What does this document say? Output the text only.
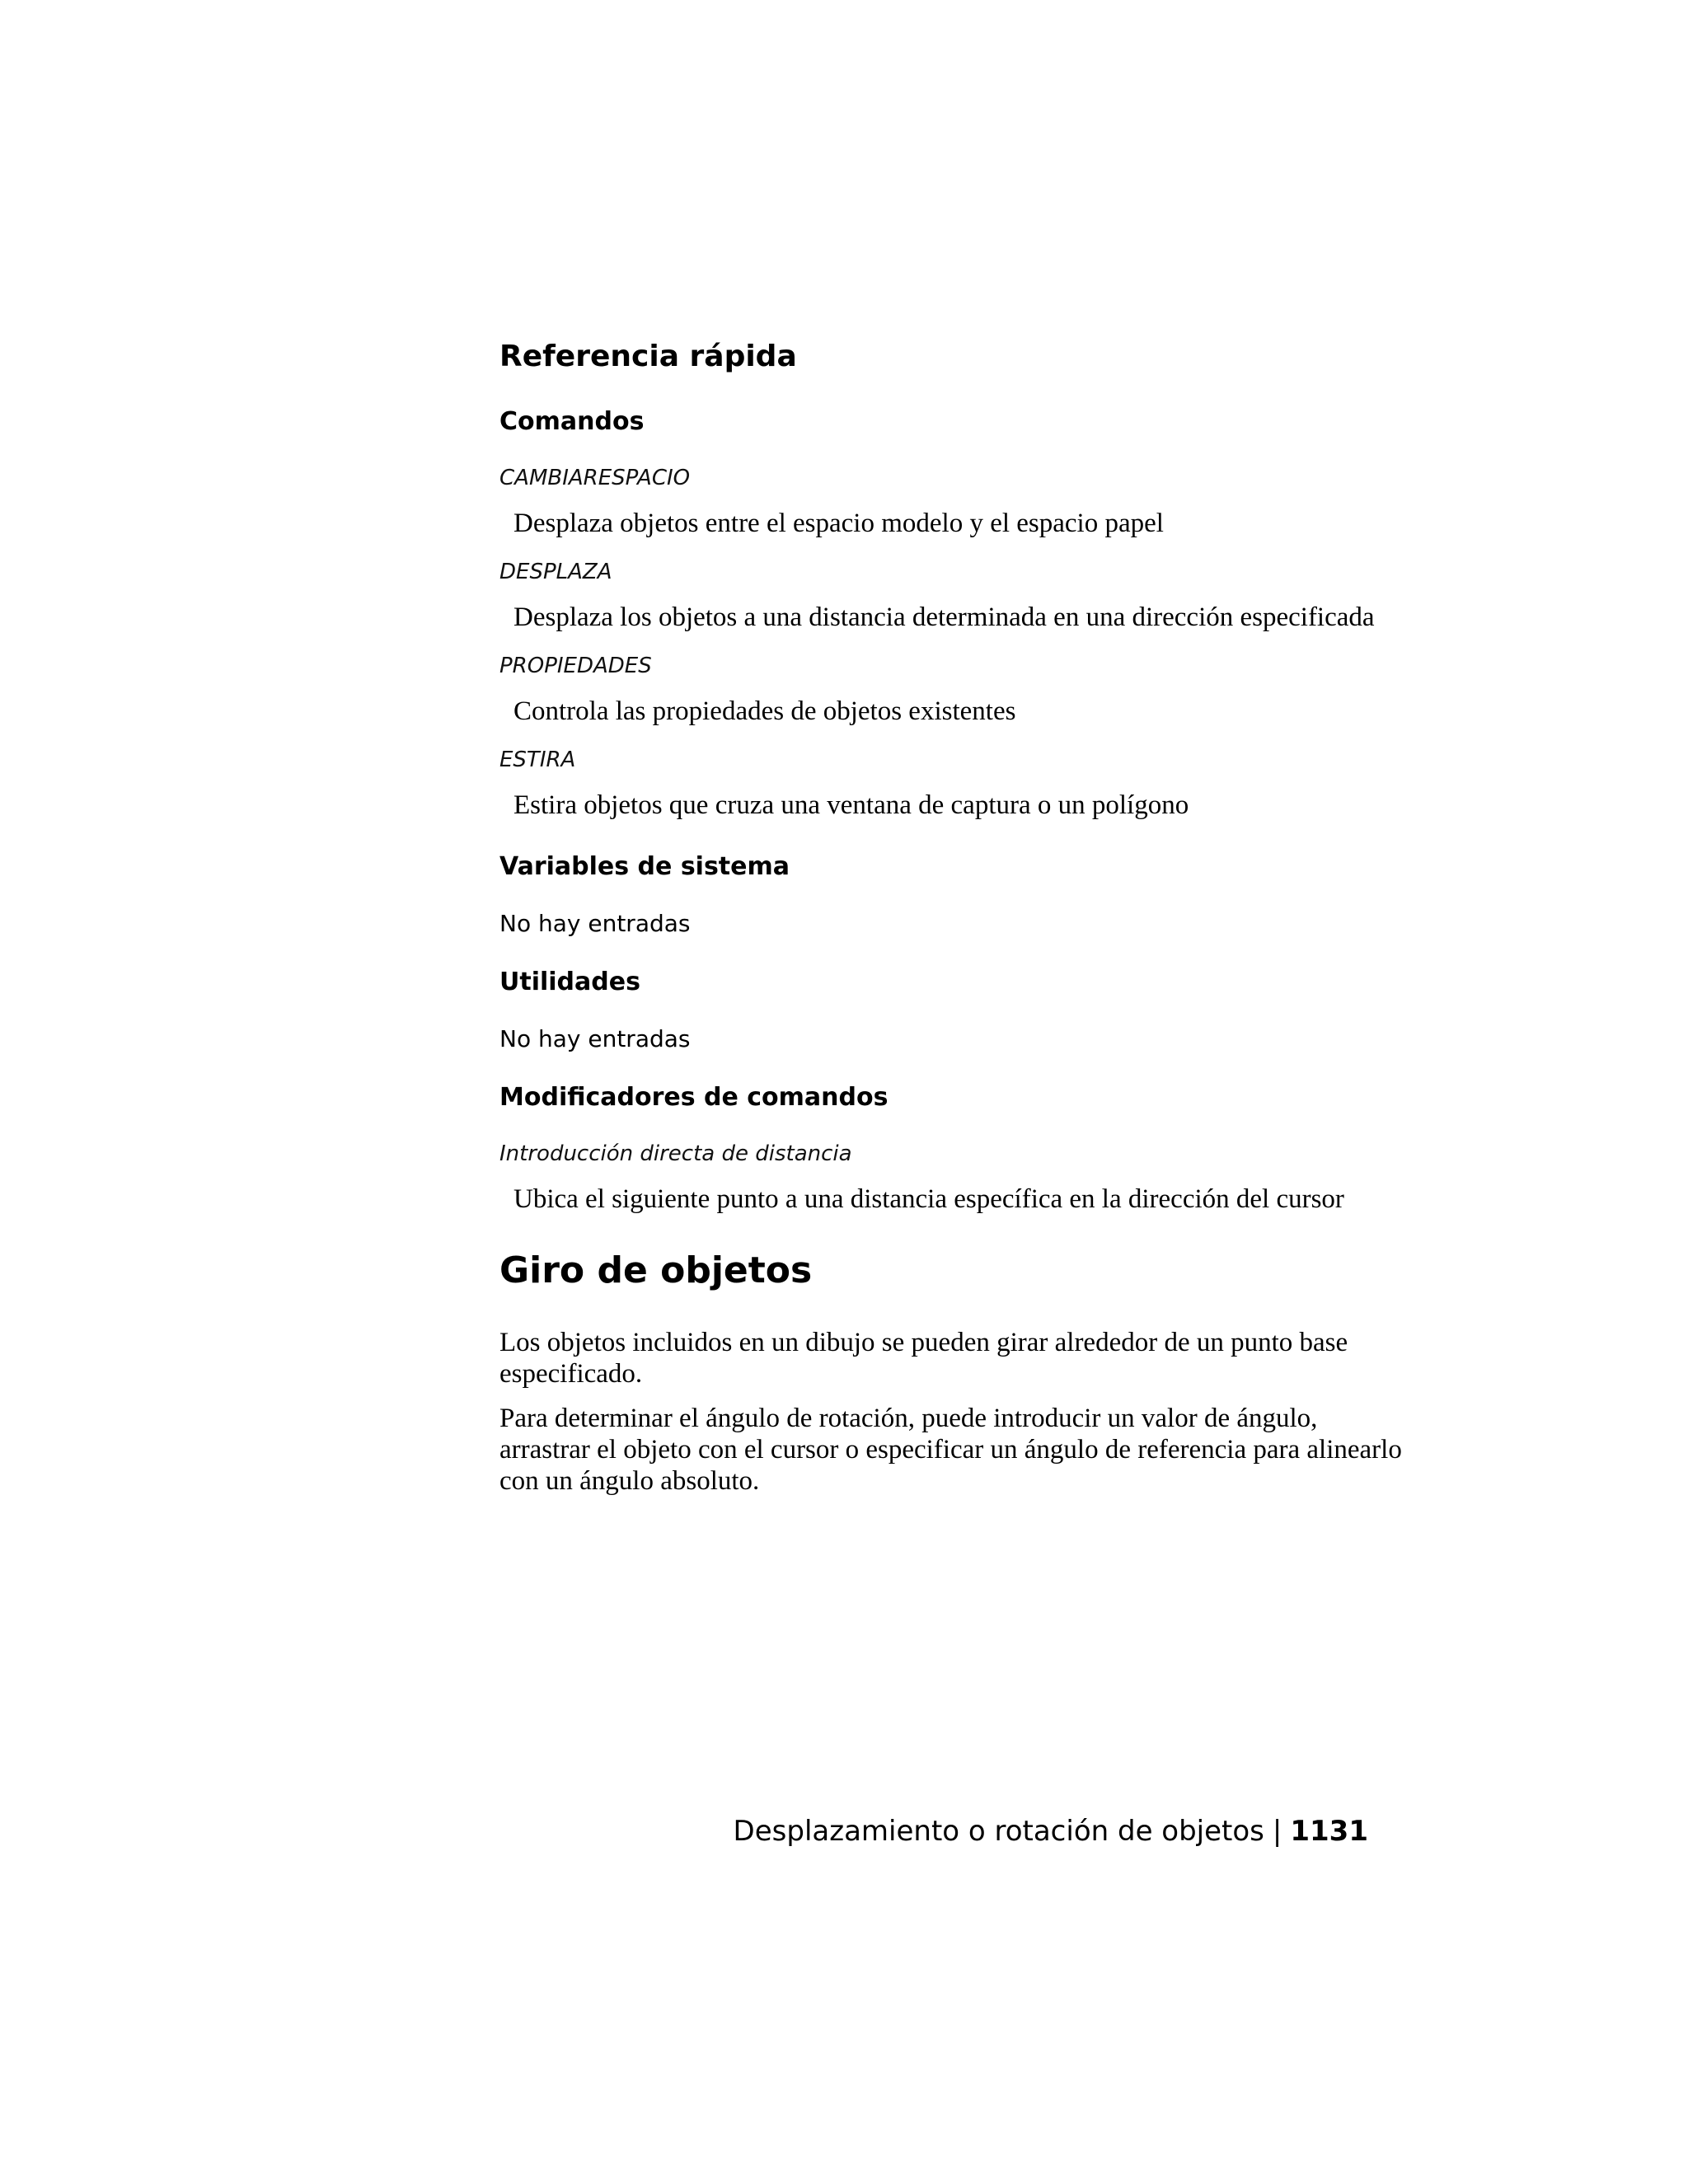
Referencia rápida
Comandos
CAMBIARESPACIO
Desplaza objetos entre el espacio modelo y el espacio papel
DESPLAZA
Desplaza los objetos a una distancia determinada en una dirección especificada
PROPIEDADES
Controla las propiedades de objetos existentes
ESTIRA
Estira objetos que cruza una ventana de captura o un polígono
Variables de sistema
No hay entradas
Utilidades
No hay entradas
Modificadores de comandos
Introducción directa de distancia
Ubica el siguiente punto a una distancia específica en la dirección del cursor
Giro de objetos
Los objetos incluidos en un dibujo se pueden girar alrededor de un punto base especificado.
Para determinar el ángulo de rotación, puede introducir un valor de ángulo, arrastrar el objeto con el cursor o especificar un ángulo de referencia para alinearlo con un ángulo absoluto.
Desplazamiento o rotación de objetos | 1131
